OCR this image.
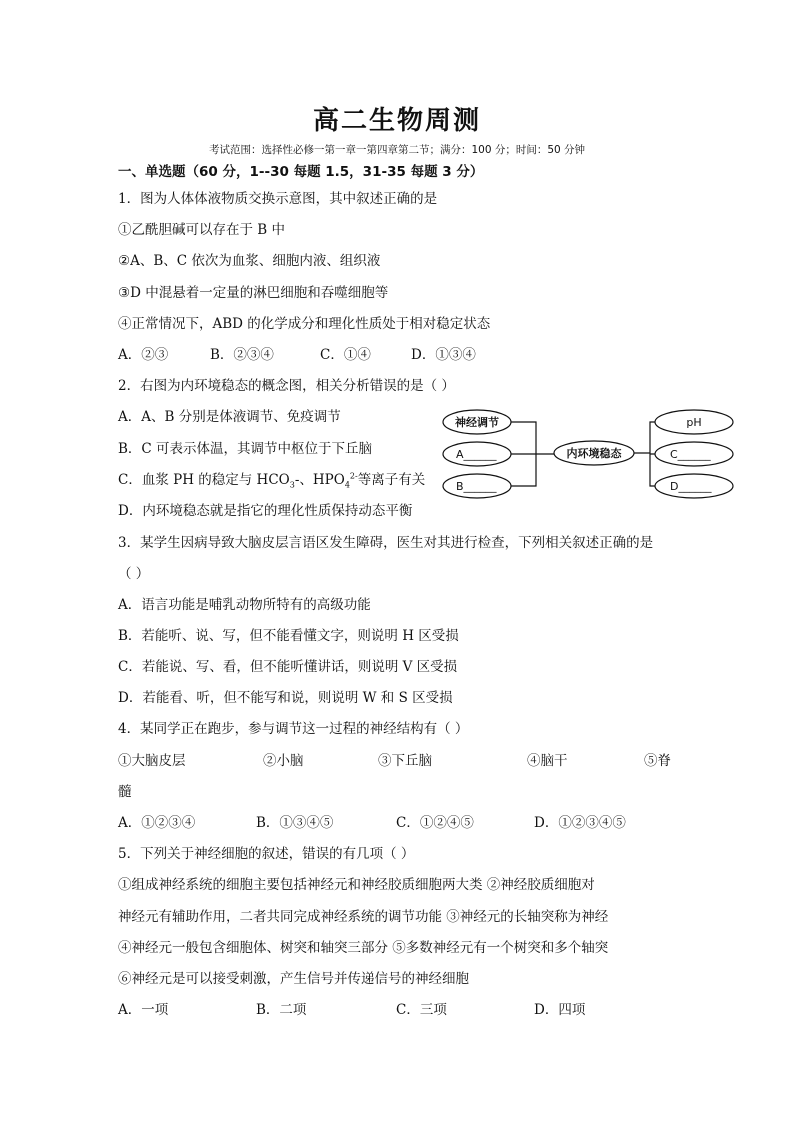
高二生物周测
考试范围：选择性必修一第一章一第四章第二节；满分：100 分；时间：50 分钟
一、单选题（60 分，1--30 每题 1.5，31-35 每题 3 分）
1．图为人体体液物质交换示意图，其中叙述正确的是
①乙酰胆碱可以存在于 B 中
②A、B、C 依次为血浆、细胞内液、组织液
③D 中混悬着一定量的淋巴细胞和吞噬细胞等
④正常情况下，ABD 的化学成分和理化性质处于相对稳定状态
A．②③	B．②③④	C．①④	D．①③④
2．右图为内环境稳态的概念图，相关分析错误的是（ ）
A．A、B 分别是体液调节、免疫调节
B．C 可表示体温，其调节中枢位于下丘脑
C．血浆 PH 的稳定与 $HCO_3-$、$HPO_4^{2-}$等离子有关
D．内环境稳态就是指它的理化性质保持动态平衡
神经调节
A______
B______
内环境稳态
pH
C______
D______
3．某学生因病导致大脑皮层言语区发生障碍，医生对其进行检查，下列相关叙述正确的是
（ ）
A．语言功能是哺乳动物所特有的高级功能
B．若能听、说、写，但不能看懂文字，则说明 H 区受损
C．若能说、写、看，但不能听懂讲话，则说明 V 区受损
D．若能看、听，但不能写和说，则说明 W 和 S 区受损
4．某同学正在跑步，参与调节这一过程的神经结构有（ ）
①大脑皮层	②小脑	③下丘脑	④脑干	⑤脊
髓
A．①②③④	B．①③④⑤	C．①②④⑤	D．①②③④⑤
5．下列关于神经细胞的叙述，错误的有几项（ ）
①组成神经系统的细胞主要包括神经元和神经胶质细胞两大类 ②神经胶质细胞对
神经元有辅助作用，二者共同完成神经系统的调节功能 ③神经元的长轴突称为神经
④神经元一般包含细胞体、树突和轴突三部分 ⑤多数神经元有一个树突和多个轴突
⑥神经元是可以接受刺激，产生信号并传递信号的神经细胞
A．一项	B．二项	C．三项	D．四项
